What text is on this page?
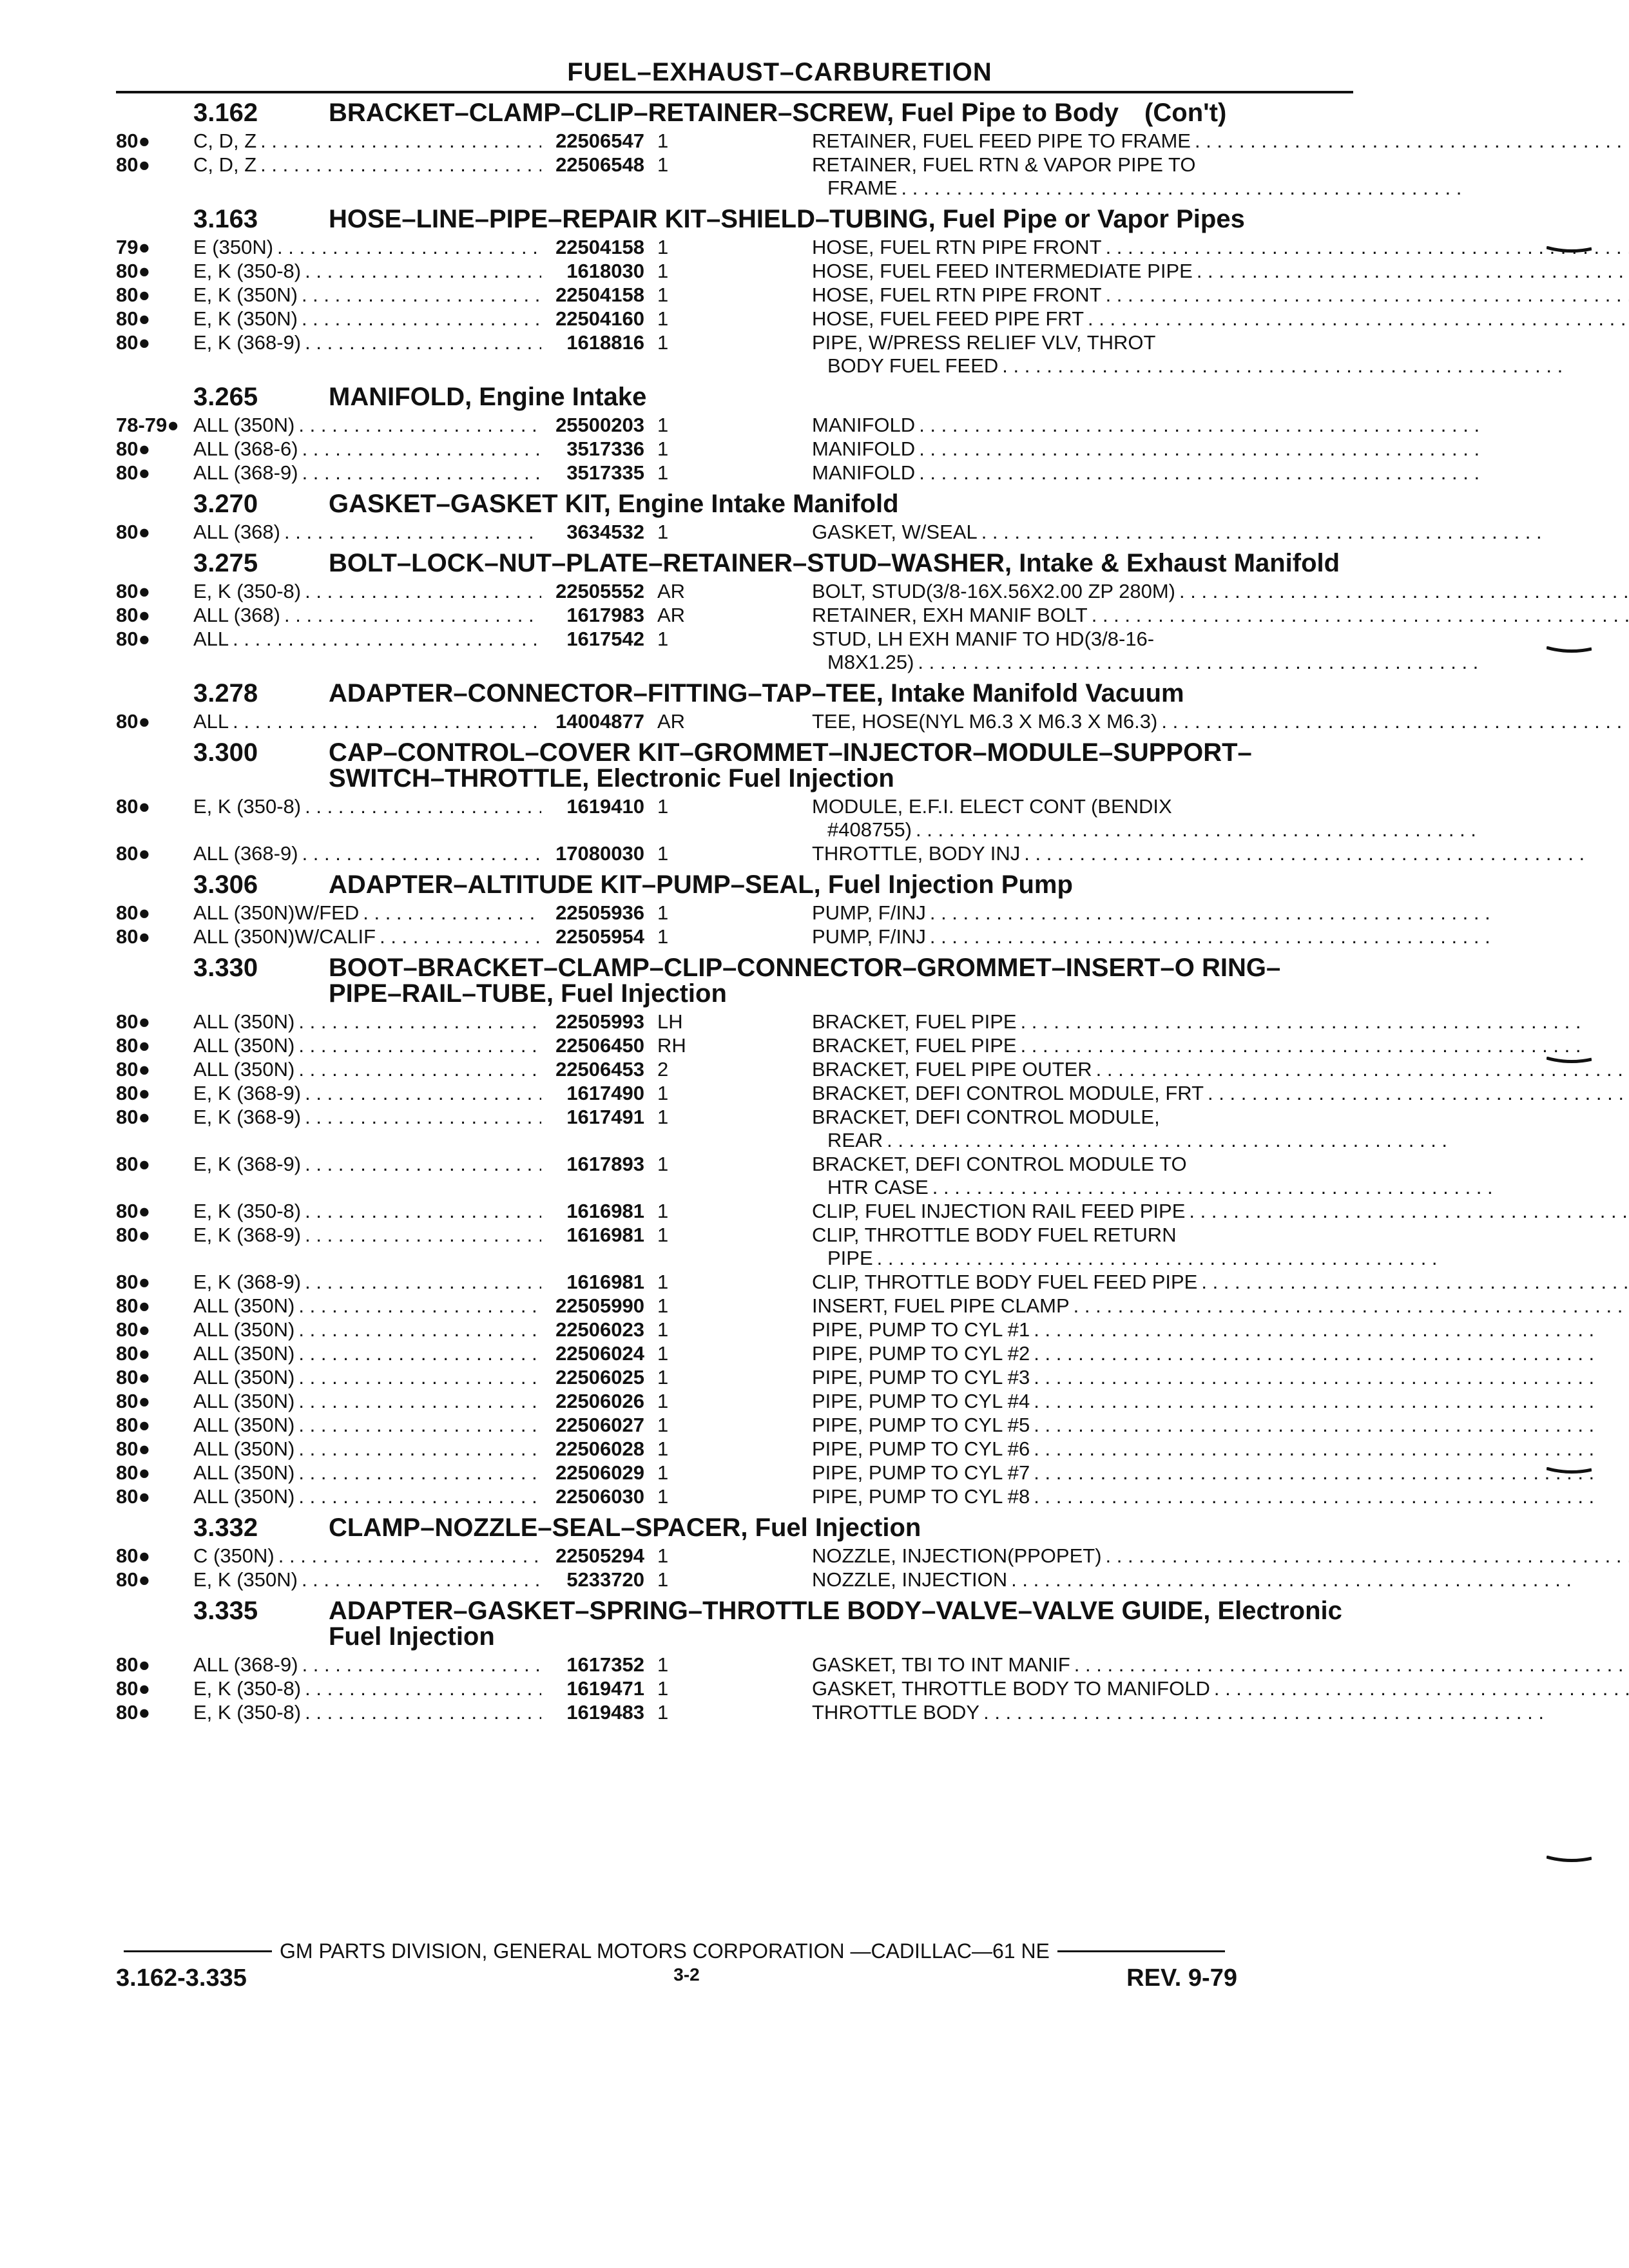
FUEL–EXHAUST–CARBURETION
3.162	BRACKET–CLAMP–CLIP–RETAINER–SCREW, Fuel Pipe to Body (Con't)
80●	C, D, Z . . .	22506547 1	RETAINER, FUEL FEED PIPE TO FRAME
. . .
80●	C, D, Z . . .	22506548 1	RETAINER, FUEL RTN & VAPOR PIPE TO
FRAME
. . .
3.163	HOSE–LINE–PIPE–REPAIR KIT–SHIELD–TUBING, Fuel Pipe or Vapor Pipes
79●	E (350N) . . .	22504158 1	HOSE, FUEL RTN PIPE FRONT
. . .
80●	E, K (350-8) . . .	1618030 1	HOSE, FUEL FEED INTERMEDIATE PIPE
. . .
80●	E, K (350N) . . .	22504158 1	HOSE, FUEL RTN PIPE FRONT
. . .
80●	E, K (350N) . . .	22504160 1	HOSE, FUEL FEED PIPE FRT
. . .
80●	E, K (368-9) . . .	1618816 1	PIPE, W/PRESS RELIEF VLV, THROT
BODY FUEL FEED
. . .
3.265	MANIFOLD, Engine Intake
78-79● ALL (350N) . . .	25500203 1	MANIFOLD
. . .
80●	ALL (368-6) . . .	3517336 1	MANIFOLD
. . .
80●	ALL (368-9) . . .	3517335 1	MANIFOLD
. . .
3.270	GASKET–GASKET KIT, Engine Intake Manifold
80●	ALL (368) . . .	3634532 1	GASKET, W/SEAL
. . .
3.275	BOLT–LOCK–NUT–PLATE–RETAINER–STUD–WASHER, Intake & Exhaust Manifold
80●	E, K (350-8) . . .	22505552 AR	BOLT, STUD(3/8-16X.56X2.00 ZP 280M)
. . .
80●	ALL (368) . . .	1617983 AR	RETAINER, EXH MANIF BOLT
. . .
80●	ALL . . .	1617542 1	STUD, LH EXH MANIF TO HD(3/8-16-
M8X1.25)
. . .
3.278	ADAPTER–CONNECTOR–FITTING–TAP–TEE, Intake Manifold Vacuum
80●	ALL . . .	14004877 AR	TEE, HOSE(NYL M6.3 X M6.3 X M6.3)
. . .
3.300	CAP–CONTROL–COVER KIT–GROMMET–INJECTOR–MODULE–SUPPORT–SWITCH–THROTTLE, Electronic Fuel Injection
80●	E, K (350-8) . . .	1619410 1	MODULE, E.F.I. ELECT CONT (BENDIX
#408755)
. . .
80●	ALL (368-9) . . .	17080030 1	THROTTLE, BODY INJ
. . .
3.306	ADAPTER–ALTITUDE KIT–PUMP–SEAL, Fuel Injection Pump
80●	ALL (350N)W/FED . . .	22505936 1	PUMP, F/INJ
. . .
80●	ALL (350N)W/CALIF . . .	22505954 1	PUMP, F/INJ
. . .
3.330	BOOT–BRACKET–CLAMP–CLIP–CONNECTOR–GROMMET–INSERT–O RING–PIPE–RAIL–TUBE, Fuel Injection
80●	ALL (350N) . . .	22505993 LH	BRACKET, FUEL PIPE
. . .
80●	ALL (350N) . . .	22506450 RH	BRACKET, FUEL PIPE
. . .
80●	ALL (350N) . . .	22506453 2	BRACKET, FUEL PIPE OUTER
. . .
80●	E, K (368-9) . . .	1617490 1	BRACKET, DEFI CONTROL MODULE, FRT
. . .
80●	E, K (368-9) . . .	1617491 1	BRACKET, DEFI CONTROL MODULE,
REAR
. . .
80●	E, K (368-9) . . .	1617893 1	BRACKET, DEFI CONTROL MODULE TO
HTR CASE
. . .
80●	E, K (350-8) . . .	1616981 1	CLIP, FUEL INJECTION RAIL FEED PIPE
. . .
80●	E, K (368-9) . . .	1616981 1	CLIP, THROTTLE BODY FUEL RETURN
PIPE
. . .
80●	E, K (368-9) . . .	1616981 1	CLIP, THROTTLE BODY FUEL FEED PIPE
. . .
80●	ALL (350N) . . .	22505990 1	INSERT, FUEL PIPE CLAMP
. . .
80●	ALL (350N) . . .	22506023 1	PIPE, PUMP TO CYL #1
. . .
80●	ALL (350N) . . .	22506024 1	PIPE, PUMP TO CYL #2
. . .
80●	ALL (350N) . . .	22506025 1	PIPE, PUMP TO CYL #3
. . .
80●	ALL (350N) . . .	22506026 1	PIPE, PUMP TO CYL #4
. . .
80●	ALL (350N) . . .	22506027 1	PIPE, PUMP TO CYL #5
. . .
80●	ALL (350N) . . .	22506028 1	PIPE, PUMP TO CYL #6
. . .
80●	ALL (350N) . . .	22506029 1	PIPE, PUMP TO CYL #7
. . .
80●	ALL (350N) . . .	22506030 1	PIPE, PUMP TO CYL #8
. . .
3.332	CLAMP–NOZZLE–SEAL–SPACER, Fuel Injection
80●	C (350N) . . .	22505294 1	NOZZLE, INJECTION(PPOPET)
. . .
80●	E, K (350N) . . .	5233720 1	NOZZLE, INJECTION
. . .
3.335	ADAPTER–GASKET–SPRING–THROTTLE BODY–VALVE–VALVE GUIDE, Electronic Fuel Injection
80●	ALL (368-9) . . .	1617352 1	GASKET, TBI TO INT MANIF
. . .
80●	E, K (350-8) . . .	1619471 1	GASKET, THROTTLE BODY TO MANIFOLD
. . .
80●	E, K (350-8) . . .	1619483 1	THROTTLE BODY
. . .
GM PARTS DIVISION, GENERAL MOTORS CORPORATION —CADILLAC—61 NE
3.162-3.335	3-2	REV. 9-79
